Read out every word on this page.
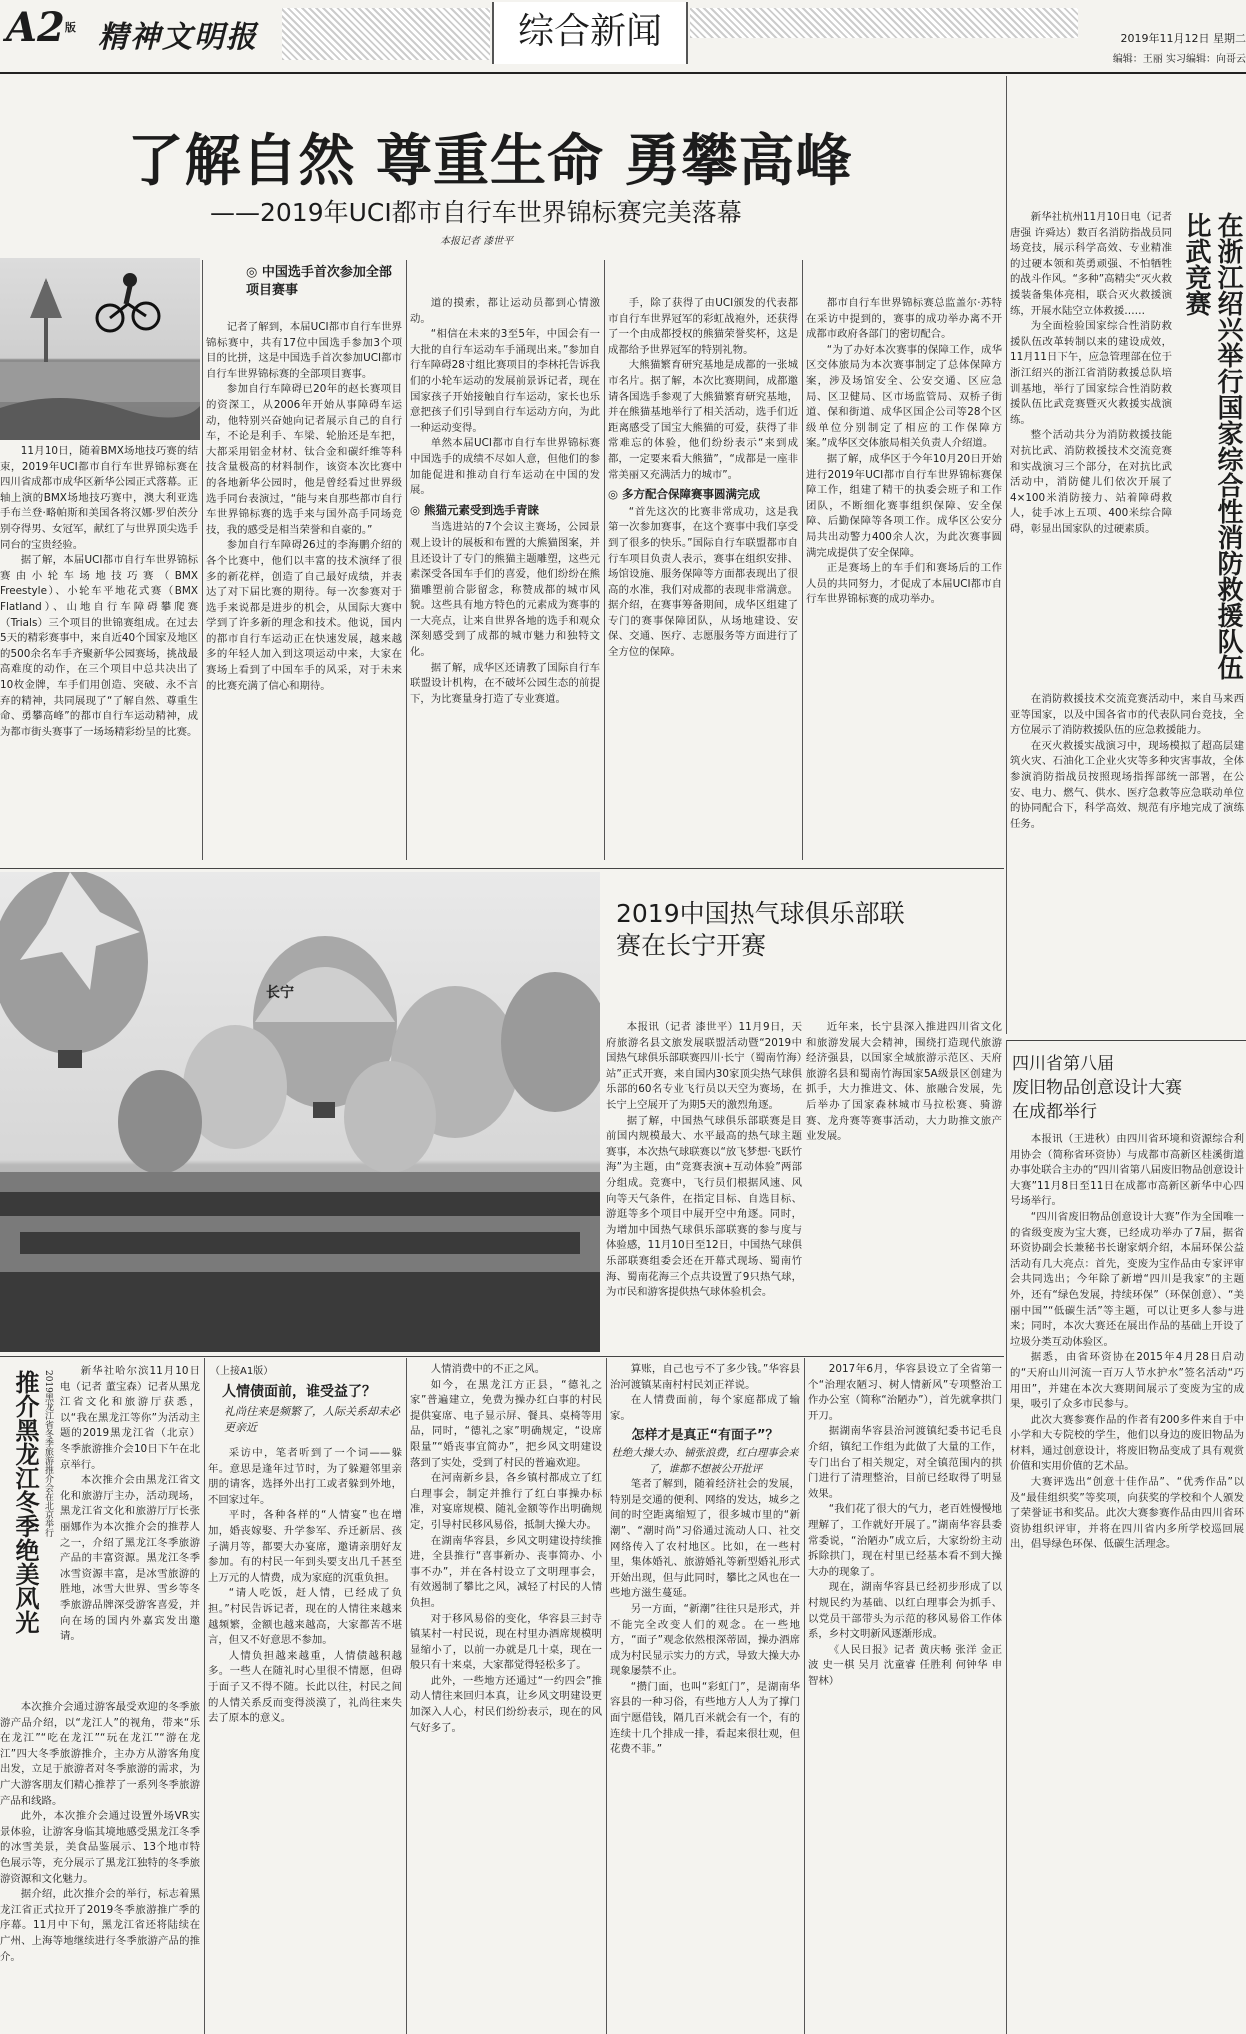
A2版 精神文明报	综合新闻	2019年11月12日 星期二
编辑：王丽 实习编辑：向哥云
了解自然 尊重生命 勇攀高峰
——2019年UCI都市自行车世界锦标赛完美落幕
本报记者 漆世平

11月10日，随着BMX场地技巧赛的结束，2019年UCI都市自行车世界锦标赛在四川省成都市成华区新华公园正式落幕。正轴上演的BMX场地技巧赛中，澳大利亚选手布兰登·略帕斯和美国各将汉娜·罗伯茨分别夺得男、女冠军，献红了与世界顶尖选手同台的宝贵经验。

据了解，本届UCI都市自行车世界锦标赛由小轮车场地技巧赛（BMX Freestyle）、小轮车平地花式赛（BMX Flatland）、山地自行车障碍攀爬赛（Trials）三个项目的世锦赛组成。在过去5天的精彩赛事中，来自近40个国家及地区的500余名车手齐聚新华公园赛场，挑战最高难度的动作，在三个项目中总共决出了10枚金牌，车手们用创造、突破、永不言弃的精神，共同展现了“了解自然、尊重生命、勇攀高峰”的都市自行车运动精神，成为都市街头赛事了一场场精彩纷呈的比赛。

◎ 中国选手首次参加全部项目赛事

记者了解到，本届UCI都市自行车世界锦标赛中，共有17位中国选手参加3个项目的比拼，这是中国选手首次参加UCI都市自行车世界锦标赛的全部项目赛事。

参加自行车障碍已20年的赵长赛项目的资深工，从2006年开始从事障碍车运动，他特别兴奋她向记者展示自己的自行车，不论是利手、车梁、轮胎还是车把，大都采用铝金材材、钛合金和碳纤维等科技含量极高的材料制作，该资本次比赛中的各地新华公园时，他是曾经看过世界级选手同台表演过，“能与来自那些都市自行车世界锦标赛的选手来与国外高手同场竞技，我的感受是相当荣誉和自豪的。”

参加自行车障碍26过的李海鹏介绍的各个比赛中，他们以丰富的技术演绎了很多的新花样，创造了自己最好成绩，并表达了对下届比赛的期待。每一次参赛对于选手来说都是进步的机会，从国际大赛中学到了许多新的理念和技术。他说，国内的都市自行车运动正在快速发展，越来越多的年轻人加入到这项运动中来，大家在赛场上看到了中国车手的风采，对于未来的比赛充满了信心和期待。

道的摸索，都让运动员都到心情激动。

“相信在未来的3至5年，中国会有一大批的自行车运动车手涌现出来。”参加自行车障碍28寸组比赛项目的李林托告诉我们的小轮车运动的发展前景诉记者，现在国家孩子开始接触自行车运动，家长也乐意把孩子们引导到自行车运动方向，为此一种运动变得。

单然本届UCI都市自行车世界锦标赛中国选手的成绩不尽如人意，但他们的参加能促进和推动自行车运动在中国的发展。

◎ 熊猫元素受到选手青睐

当选进站的7个会议主赛场，公园景观上设计的展板和布置的大熊猫图案，并且还设计了专门的熊猫主题雕塑，这些元素深受各国车手们的喜爱，他们纷纷在熊猫雕塑前合影留念，称赞成都的城市风貌。这些具有地方特色的元素成为赛事的一大亮点，让来自世界各地的选手和观众深刻感受到了成都的城市魅力和独特文化。

据了解，成华区还请教了国际自行车联盟设计机构，在不破坏公园生态的前提下，为比赛量身打造了专业赛道。

手，除了获得了由UCI颁发的代表都市自行车世界冠军的彩虹战袍外，还获得了一个由成都授权的熊猫荣誉奖杯，这是成都给予世界冠军的特别礼物。

大熊猫繁育研究基地是成都的一张城市名片。据了解，本次比赛期间，成都邀请各国选手参观了大熊猫繁育研究基地，并在熊猫基地举行了相关活动，选手们近距离感受了国宝大熊猫的可爱，获得了非常难忘的体验，他们纷纷表示“来到成都，一定要来看大熊猫”，“成都是一座非常美丽又充满活力的城市”。

◎ 多方配合保障赛事圆满完成

“首先这次的比赛非常成功，这是我第一次参加赛事，在这个赛事中我们享受到了很多的快乐。”国际自行车联盟都市自行车项目负责人表示，赛事在组织安排、场馆设施、服务保障等方面都表现出了很高的水准，我们对成都的表现非常满意。据介绍，在赛事筹备期间，成华区组建了专门的赛事保障团队，从场地建设、安保、交通、医疗、志愿服务等方面进行了全方位的保障。

都市自行车世界锦标赛总监盖尔·苏特在采访中提到的，赛事的成功举办离不开成都市政府各部门的密切配合。

“为了办好本次赛事的保障工作，成华区交体旅局为本次赛事制定了总体保障方案，涉及场馆安全、公安交通、区应急局、区卫健局、区市场监管局、双桥子街道、保和街道、成华区国企公司等28个区级单位分别制定了相应的工作保障方案。”成华区交体旅局相关负责人介绍道。

据了解，成华区于今年10月20日开始进行2019年UCI都市自行车世界锦标赛保障工作，组建了精干的执委会班子和工作团队，不断细化赛事组织保障、安全保障、后勤保障等各项工作。成华区公安分局共出动警力400余人次，为此次赛事圆满完成提供了安全保障。

正是赛场上的车手们和赛场后的工作人员的共同努力，才促成了本届UCI都市自行车世界锦标赛的成功举办。	在浙江绍兴举行国家综合性消防救援队伍比武竞赛

新华社杭州11月10日电（记者 唐强 许舜达）数百名消防指战员同场竞技，展示科学高效、专业精准的过硬本领和英勇顽强、不怕牺牲的战斗作风。“多种”高精尖“灭火救援装备集体亮相，联合灭火救援演练，开展水陆空立体救援……

为全面检验国家综合性消防救援队伍改革转制以来的建设成效，11月11日下午，应急管理部在位于浙江绍兴的浙江省消防救援总队培训基地，举行了国家综合性消防救援队伍比武竞赛暨灭火救援实战演练。

整个活动共分为消防救援技能对抗比武、消防救援技术交流竞赛和实战演习三个部分，在对抗比武活动中，消防健儿们依次开展了4×100米消防接力、站着障碍救人，徒手冰上五项、400米综合障碍，彰显出国家队的过硬素质。

在消防救援技术交流竞赛活动中，来自马来西亚等国家，以及中国各省市的代表队同台竞技，全方位展示了消防救援队伍的应急救援能力。

在灭火救援实战演习中，现场模拟了超高层建筑火灾、石油化工企业火灾等多种灾害事故，全体参演消防指战员按照现场指挥部统一部署，在公安、电力、燃气、供水、医疗急救等应急联动单位的协同配合下，科学高效、规范有序地完成了演练任务。

长宁
2019中国热气球俱乐部联赛在长宁开赛

本报讯（记者 漆世平）11月9日，天府旅游名县文旅发展联盟活动暨“2019中国热气球俱乐部联赛四川·长宁（蜀南竹海）站”正式开赛，来自国内30家顶尖热气球俱乐部的60名专业飞行员以天空为赛场，在长宁上空展开了为期5天的激烈角逐。

据了解，中国热气球俱乐部联赛是目前国内规模最大、水平最高的热气球主题赛事，本次热气球联赛以“放飞梦想·飞跃竹海”为主题，由“竞赛表演+互动体验”两部分组成。竞赛中，飞行员们根据风速、风向等天气条件，在指定目标、自选目标、游逛等多个项目中展开空中角逐。同时，为增加中国热气球俱乐部联赛的参与度与体验感，11月10日至12日，中国热气球俱乐部联赛组委会还在开幕式现场、蜀南竹海、蜀南花海三个点共设置了9只热气球，为市民和游客提供热气球体验机会。

近年来，长宁县深入推进四川省文化和旅游发展大会精神，围绕打造现代旅游经济强县，以国家全域旅游示范区、天府旅游名县和蜀南竹海国家5A级景区创建为抓手，大力推进文、体、旅融合发展，先后举办了国家森林城市马拉松赛、骑游赛、龙舟赛等赛事活动，大力助推文旅产业发展。

四川省第八届
废旧物品创意设计大赛
在成都举行

本报讯（王进秋）由四川省环境和资源综合利用协会（简称省环资协）与成都市高新区桂溪街道办事处联合主办的“四川省第八届废旧物品创意设计大赛”11月8日至11日在成都市高新区新华中心四号场举行。

“四川省废旧物品创意设计大赛”作为全国唯一的省级变废为宝大赛，已经成功举办了7届，据省环资协副会长兼秘书长谢家炳介绍，本届环保公益活动有几大亮点：首先，变废为宝作品由专家评审会共同选出；今年除了新增“四川是我家”的主题外，还有“绿色发展，持续环保”（环保创意）、“美丽中国”“低碳生活”等主题，可以让更多人参与进来；同时，本次大赛还在展出作品的基础上开设了垃圾分类互动体验区。

据悉，由省环资协在2015年4月28日启动的“天府山川河流一百万人节水护水”签名活动“巧用田”，并建在本次大赛期间展示了变废为宝的成果，吸引了众多市民参与。

此次大赛参赛作品的作者有200多件来自于中小学和大专院校的学生，他们以身边的废旧物品为材料，通过创意设计，将废旧物品变成了具有观赏价值和实用价值的艺术品。

大赛评选出“创意十佳作品”、“优秀作品”以及“最佳组织奖”等奖项，向获奖的学校和个人颁发了荣誉证书和奖品。此次大赛参赛作品由四川省环资协组织评审，并将在四川省内多所学校巡回展出，倡导绿色环保、低碳生活理念。

推介黑龙江冬季绝美风光 2019黑龙江省冬季旅游推介会在北京举行	新华社哈尔滨11月10日电（记者 董宝森）记者从黑龙江省文化和旅游厅获悉，以“我在黑龙江等你”为活动主题的2019黑龙江省（北京）冬季旅游推介会10日下午在北京举行。

本次推介会由黑龙江省文化和旅游厅主办，活动现场，黑龙江省文化和旅游厅厅长张丽娜作为本次推介会的推荐人之一，介绍了黑龙江冬季旅游产品的丰富资源。黑龙江冬季冰雪资源丰富，是冰雪旅游的胜地，冰雪大世界、雪乡等冬季旅游品牌深受游客喜爱，并向在场的国内外嘉宾发出邀请。

本次推介会通过游客最受欢迎的冬季旅游产品介绍，以“龙江人”的视角，带来“乐在龙江”“吃在龙江”“玩在龙江”“游在龙江”四大冬季旅游推介，主办方从游客角度出发，立足于旅游者对冬季旅游的需求，为广大游客朋友们精心推荐了一系列冬季旅游产品和线路。

此外，本次推介会通过设置外场VR实景体验，让游客身临其境地感受黑龙江冬季的冰雪美景，美食品鉴展示、13个地市特色展示等，充分展示了黑龙江独特的冬季旅游资源和文化魅力。

据介绍，此次推介会的举行，标志着黑龙江省正式拉开了2019冬季旅游推广季的序幕。11月中下旬，黑龙江省还将陆续在广州、上海等地继续进行冬季旅游产品的推介。

（上接A1版）
人情债面前，谁受益了？
礼尚往来是频繁了，人际关系却未必更亲近

采访中，笔者听到了一个词——躲年。意思是逢年过节时，为了躲避邻里亲朋的请客，选择外出打工或者躲到外地，不回家过年。

平时，各种各样的“人情宴”也在增加，婚丧嫁娶、升学参军、乔迁新居、孩子满月等，都要大办宴席，邀请亲朋好友参加。有的村民一年到头要支出几千甚至上万元的人情费，成为家庭的沉重负担。

“请人吃饭，赶人情，已经成了负担。”村民告诉记者，现在的人情往来越来越频繁，金额也越来越高，大家都苦不堪言，但又不好意思不参加。

人情负担越来越重，人情债越积越多。一些人在随礼时心里很不情愿，但碍于面子又不得不随。长此以往，村民之间的人情关系反而变得淡漠了，礼尚往来失去了原本的意义。

人情消费中的不正之风。

如今，在黑龙江方正县，“德礼之家”普遍建立，免费为操办红白事的村民提供宴席、电子显示屏、餐具、桌椅等用品，同时，“德礼之家”明确规定，“设席限量”“婚丧事宜简办”，把乡风文明建设落到了实处，受到了村民的普遍欢迎。

在河南新乡县，各乡镇村都成立了红白理事会，制定并推行了红白事操办标准，对宴席规模、随礼金额等作出明确规定，引导村民移风易俗，抵制大操大办。

在湖南华容县，乡风文明建设持续推进，全县推行“喜事新办、丧事简办、小事不办”，并在各村设立了文明理事会，有效遏制了攀比之风，减轻了村民的人情负担。

对于移风易俗的变化，华容县三封寺镇某村一村民说，现在村里办酒席规模明显缩小了，以前一办就是几十桌，现在一般只有十来桌，大家都觉得轻松多了。

此外，一些地方还通过“一约四会”推动人情往来回归本真，让乡风文明建设更加深入人心，村民们纷纷表示，现在的风气好多了。

算账，自己也亏不了多少钱。”华容县治河渡镇某南村村民刘正祥说。

在人情费面前，每个家庭都成了输家。

怎样才是真正“有面子”？

杜绝大操大办、铺张浪费，红白理事会来了，谁都不想被公开批评

笔者了解到，随着经济社会的发展，特别是交通的便利、网络的发达，城乡之间的时空距离缩短了，很多城市里的“新潮”、“潮时尚”习俗通过流动人口、社交网络传入了农村地区。比如，在一些村里，集体婚礼、旅游婚礼等新型婚礼形式开始出现，但与此同时，攀比之风也在一些地方滋生蔓延。

另一方面，“新潮”往往只是形式，并不能完全改变人们的观念。在一些地方，“面子”观念依然根深蒂固，操办酒席成为村民显示实力的方式，导致大操大办现象屡禁不止。

“攒门面，也叫“彩虹门”，是湖南华容县的一种习俗，有些地方人人为了撑门面宁愿借钱，隔几百米就会有一个，有的连续十几个排成一排，看起来很壮观，但花费不菲。”

2017年6月，华容县设立了全省第一个“治理农陋习、树人情新风”专项整治工作办公室（简称“治陋办”），首先就拿拱门开刀。

据湖南华容县治河渡镇纪委书记毛良介绍，镇纪工作组为此做了大量的工作，专门出台了相关规定，对全镇范围内的拱门进行了清理整治，目前已经取得了明显效果。

“我们花了很大的气力，老百姓慢慢地理解了，工作就好开展了。”湖南华容县委常委说，“治陋办”成立后，大家纷纷主动拆除拱门，现在村里已经基本看不到大操大办的现象了。

现在，湖南华容县已经初步形成了以村规民约为基础、以红白理事会为抓手、以党员干部带头为示范的移风易俗工作体系，乡村文明新风逐渐形成。

《人民日报》记者 黄庆畅 张洋 金正波 史一棋 吴月 沈童睿 任胜利 何钟华 申智林）
